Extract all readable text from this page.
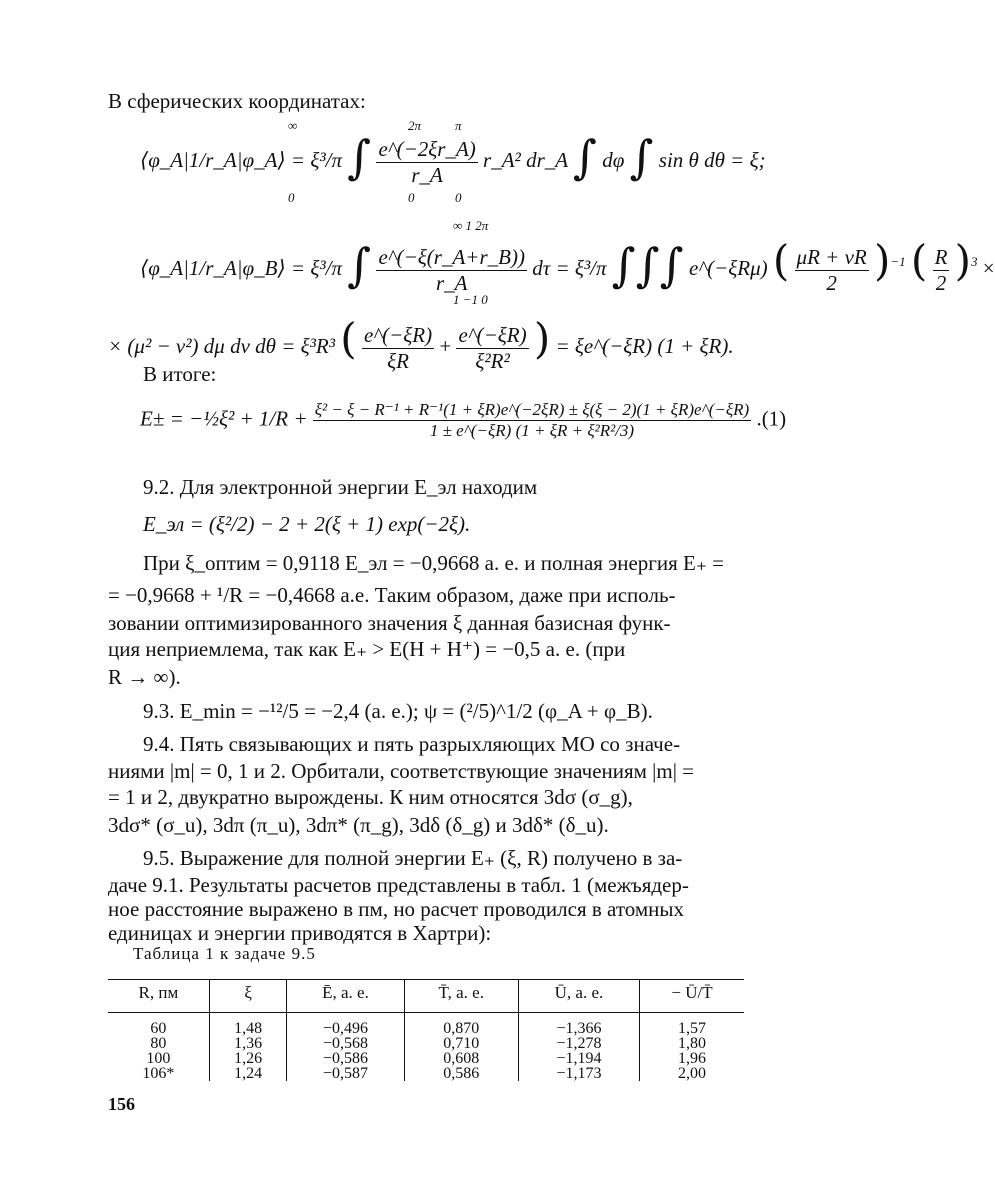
В сферических координатах:
⟨φ_A|1/r_A|φ_A⟩ = ξ³/π ∫ $\frac{e\^{}(-2\xi r\_A)}{r\_A}$ r_A² dr_A ∫ dφ ∫ sin θ dθ = ξ;
∞
0
2π
0
π
0
⟨φ_A|1/r_A|φ_B⟩ = ξ³/π ∫ $\frac{e\^{}(-\xi(r\_A+r\_B))}{r\_A}$ dτ = ξ³/π ∫∫∫ e^(−ξRμ) ( $\frac{\mu R + \nu R}{2} )^{-1}$ ( $\frac{R}{2} )^3$ ×
∞ 1 2π
1 −1 0
× (μ² − ν²) dμ dν dθ = ξ³R³ ( $\frac{e\^{}(-\xi R)}{\xi R} + \frac{e\^{}(-\xi R)}{\text{ξ²R²}}$ ) = ξe^(−ξR) (1 + ξR).
В итоге:
E± = −½ξ² + $1/R + \frac{\text{ξ² − ξ − R⁻¹ + R⁻¹(1 + ξR)e\textasciicircum{}(−2ξR) ± ξ(ξ − 2)(1 + ξR)e\textasciicircum{}(−ξR)}}{\text{1 ± e\textasciicircum{}(−ξR) (1 + ξR + ξ²R²/3)}} .(1)$
9.2. Для электронной энергии E_эл находим
E_эл = (ξ²/2) − 2 + 2(ξ + 1) exp(−2ξ).
При ξ_оптим = 0,9118 E_эл = −0,9668 а. е. и полная энергия E₊ =
= −0,9668 + ¹/R = −0,4668 а.е. Таким образом, даже при исполь-
зовании оптимизированного значения ξ данная базисная функ-
ция неприемлема, так как E₊ > E(H + H⁺) = −0,5 а. е. (при
R → ∞).
9.3. E_min = −¹²/5 = −2,4 (а. е.); ψ = (²/5)^1/2 (φ_A + φ_B).
9.4. Пять связывающих и пять разрыхляющих МО со значе-
ниями |m| = 0, 1 и 2. Орбитали, соответствующие значениям |m| =
= 1 и 2, двукратно вырождены. К ним относятся 3dσ (σ_g),
3dσ* (σ_u), 3dπ (π_u), 3dπ* (π_g), 3dδ (δ_g) и 3dδ* (δ_u).
9.5. Выражение для полной энергии E₊ (ξ, R) получено в за-
даче 9.1. Результаты расчетов представлены в табл. 1 (межъядер-
ное расстояние выражено в пм, но расчет проводился в атомных
единицах и энергии приводятся в Хартри):
Таблица 1 к задаче 9.5
R, пм	ξ	Ē, а. е.	T̄, а. е.	Ū, а. е.	− Ū/T̄
60	1,48	−0,496	0,870	−1,366	1,57
80	1,36	−0,568	0,710	−1,278	1,80
100	1,26	−0,586	0,608	−1,194	1,96
106*	1,24	−0,587	0,586	−1,173	2,00
156
